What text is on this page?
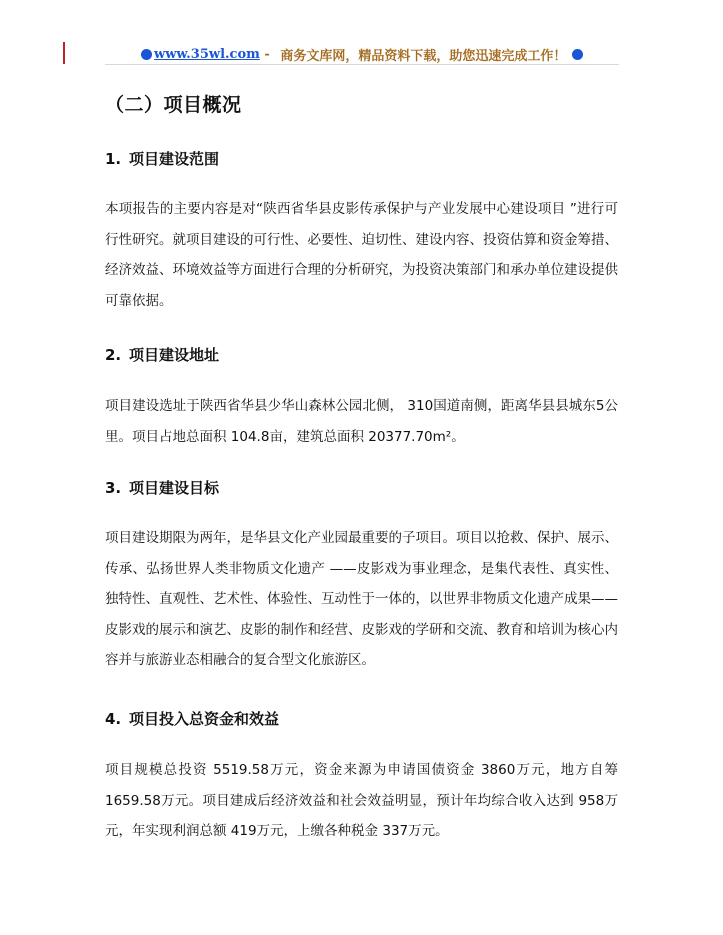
www.35wl.com - 商务文库网，精品资料下载，助您迅速完成工作！
（二）项目概况
1. 项目建设范围

本项报告的主要内容是对“陕西省华县皮影传承保护与产业发展中心建设项目 ”进行可行性研究。就项目建设的可行性、必要性、迫切性、建设内容、投资估算和资金筹措、经济效益、环境效益等方面进行合理的分析研究，为投资决策部门和承办单位建设提供可靠依据。

2. 项目建设地址

项目建设选址于陕西省华县少华山森林公园北侧， 310国道南侧，距离华县县城东5公里。项目占地总面积 104.8亩，建筑总面积 20377.70m²。

3. 项目建设目标

项目建设期限为两年，是华县文化产业园最重要的子项目。项目以抢救、保护、展示、传承、弘扬世界人类非物质文化遗产 ——皮影戏为事业理念，是集代表性、真实性、独特性、直观性、艺术性、体验性、互动性于一体的，以世界非物质文化遗产成果——皮影戏的展示和演艺、皮影的制作和经营、皮影戏的学研和交流、教育和培训为核心内容并与旅游业态相融合的复合型文化旅游区。

4. 项目投入总资金和效益

项目规模总投资 5519.58万元，资金来源为申请国债资金 3860万元，地方自筹1659.58万元。项目建成后经济效益和社会效益明显，预计年均综合收入达到 958万元，年实现利润总额 419万元，上缴各种税金 337万元。
